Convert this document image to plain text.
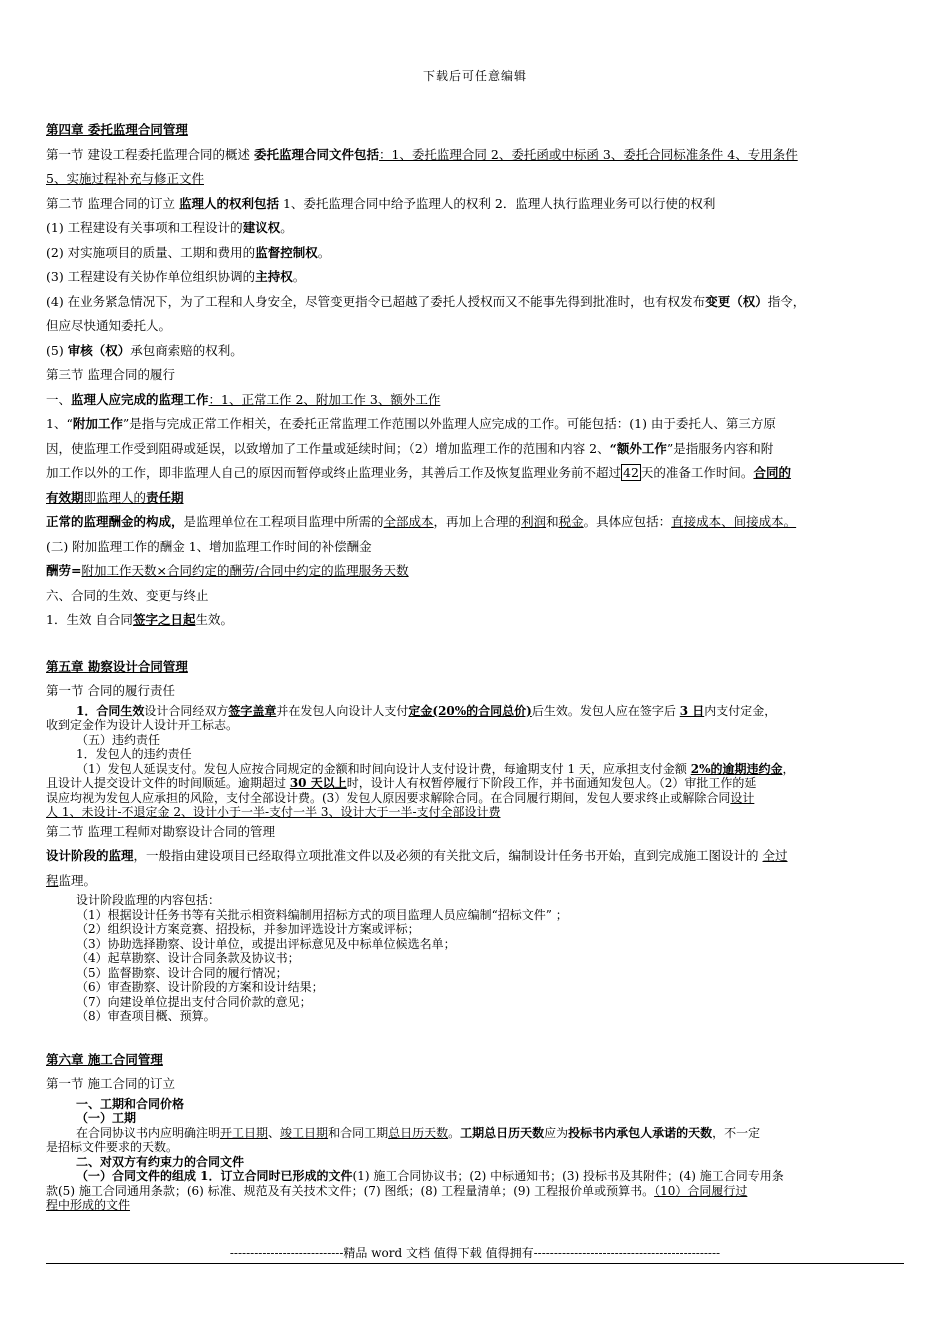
下载后可任意编辑

第四章 委托监理合同管理

第一节 建设工程委托监理合同的概述 委托监理合同文件包括：1、委托监理合同 2、委托函或中标函 3、委托合同标准条件 4、专用条件

5、实施过程补充与修正文件

第二节 监理合同的订立 监理人的权利包括 1、委托监理合同中给予监理人的权利 2．监理人执行监理业务可以行使的权利

(1) 工程建设有关事项和工程设计的建议权。

(2) 对实施项目的质量、工期和费用的监督控制权。

(3) 工程建设有关协作单位组织协调的主持权。

(4) 在业务紧急情况下，为了工程和人身安全，尽管变更指令已超越了委托人授权而又不能事先得到批准时，也有权发布变更（权）指令，

但应尽快通知委托人。

(5) 审核（权）承包商索赔的权利。

第三节 监理合同的履行

一、监理人应完成的监理工作：1、正常工作 2、附加工作 3、额外工作

1、“附加工作”是指与完成正常工作相关，在委托正常监理工作范围以外监理人应完成的工作。可能包括：(1) 由于委托人、第三方原

因，使监理工作受到阻碍或延误，以致增加了工作量或延续时间；（2）增加监理工作的范围和内容 2、“额外工作”是指服务内容和附

加工作以外的工作，即非监理人自己的原因而暂停或终止监理业务，其善后工作及恢复监理业务前不超过 42 天的准备工作时间。合同的

有效期即监理人的责任期

正常的监理酬金的构成，是监理单位在工程项目监理中所需的全部成本，再加上合理的利润和税金。具体应包括：直接成本、间接成本。

(二) 附加监理工作的酬金 1、增加监理工作时间的补偿酬金

酬劳=附加工作天数×合同约定的酬劳/合同中约定的监理服务天数

六、合同的生效、变更与终止

1．生效 自合同签字之日起生效。

第五章 勘察设计合同管理

第一节 合同的履行责任

1．合同生效设计合同经双方签字盖章并在发包人向设计人支付定金(20%的合同总价)后生效。发包人应在签字后 3 日内支付定金，

收到定金作为设计人设计开工标志。

（五）违约责任

1．发包人的违约责任

（1）发包人延误支付。发包人应按合同规定的金额和时间向设计人支付设计费，每逾期支付 1 天，应承担支付金额 2%的逾期违约金，

且设计人提交设计文件的时间顺延。逾期超过 30 天以上时，设计人有权暂停履行下阶段工作，并书面通知发包人。（2）审批工作的延

误应均视为发包人应承担的风险，支付全部设计费。(3）发包人原因要求解除合同。在合同履行期间，发包人要求终止或解除合同设计

人 1、未设计-不退定金 2、设计小于一半-支付一半 3、设计大于一半-支付全部设计费

第二节 监理工程师对勘察设计合同的管理

设计阶段的监理，一般指由建设项目已经取得立项批准文件以及必须的有关批文后，编制设计任务书开始，直到完成施工图设计的 全过

程监理。

设计阶段监理的内容包括：

（1）根据设计任务书等有关批示相资料编制用招标方式的项目监理人员应编制“招标文件” ；

（2）组织设计方案竞赛、招投标，并参加评选设计方案或评标；

（3）协助选择勘察、设计单位，或提出评标意见及中标单位候选名单；

（4）起草勘察、设计合同条款及协议书；

（5）监督勘察、设计合同的履行情况；

（6）审查勘察、设计阶段的方案和设计结果；

（7）向建设单位提出支付合同价款的意见；

（8）审查项目概、预算。

第六章 施工合同管理

第一节 施工合同的订立

一、工期和合同价格

（一）工期

在合同协议书内应明确注明开工日期、竣工日期和合同工期总日历天数。工期总日历天数应为投标书内承包人承诺的天数，不一定

是招标文件要求的天数。

二、对双方有约束力的合同文件

（一）合同文件的组成 1．订立合同时已形成的文件(1) 施工合同协议书；(2) 中标通知书；(3) 投标书及其附件；(4) 施工合同专用条

款(5) 施工合同通用条款；(6) 标准、规范及有关技术文件；(7) 图纸；(8) 工程量清单；(9) 工程报价单或预算书。（10）合同履行过

程中形成的文件

----------------------------精品 word 文档 值得下载 值得拥有----------------------------------------------
